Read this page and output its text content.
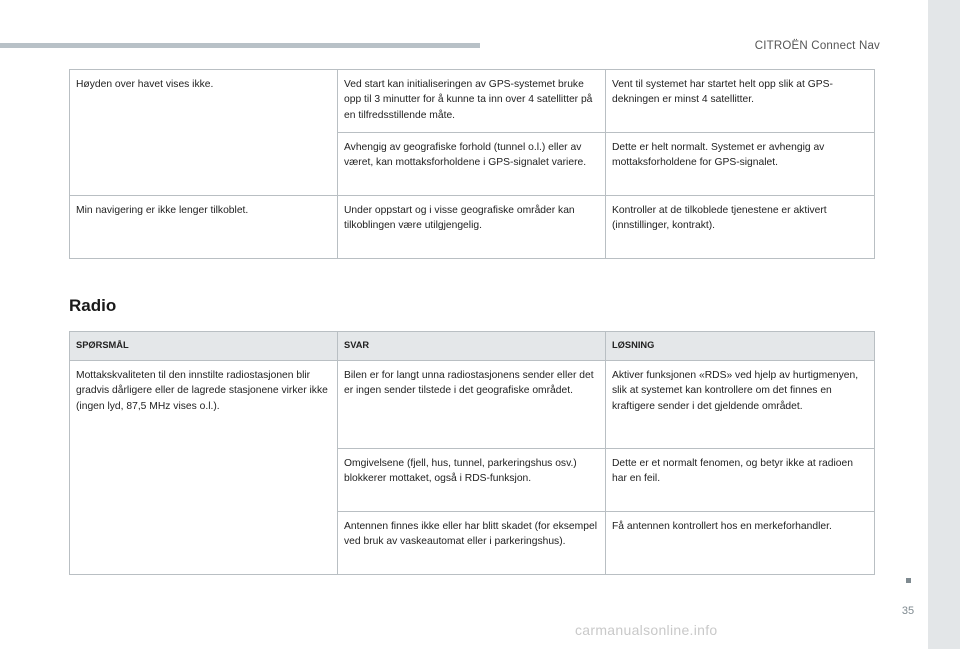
CITROËN Connect Nav
Høyden over havet vises ikke.	Ved start kan initialiseringen av GPS-systemet bruke opp til 3 minutter for å kunne ta inn over 4 satellitter på en tilfredsstillende måte.	Vent til systemet har startet helt opp slik at GPS-dekningen er minst 4 satellitter.
	Avhengig av geografiske forhold (tunnel o.l.) eller av været, kan mottaksforholdene i GPS-signalet variere.	Dette er helt normalt. Systemet er avhengig av mottaksforholdene for GPS-signalet.
Min navigering er ikke lenger tilkoblet.	Under oppstart og i visse geografiske områder kan tilkoblingen være utilgjengelig.	Kontroller at de tilkoblede tjenestene er aktivert (innstillinger, kontrakt).
Radio
SPØRSMÅL	SVAR	LØSNING
Mottakskvaliteten til den innstilte radiostasjonen blir gradvis dårligere eller de lagrede stasjonene virker ikke (ingen lyd, 87,5 MHz vises o.l.).	Bilen er for langt unna radiostasjonens sender eller det er ingen sender tilstede i det geografiske området.	Aktiver funksjonen «RDS» ved hjelp av hurtigmenyen, slik at systemet kan kontrollere om det finnes en kraftigere sender i det gjeldende området.
	Omgivelsene (fjell, hus, tunnel, parkeringshus osv.) blokkerer mottaket, også i RDS-funksjon.	Dette er et normalt fenomen, og betyr ikke at radioen har en feil.
	Antennen finnes ikke eller har blitt skadet (for eksempel ved bruk av vaskeautomat eller i parkeringshus).	Få antennen kontrollert hos en merkeforhandler.
35
carmanualsonline.info
